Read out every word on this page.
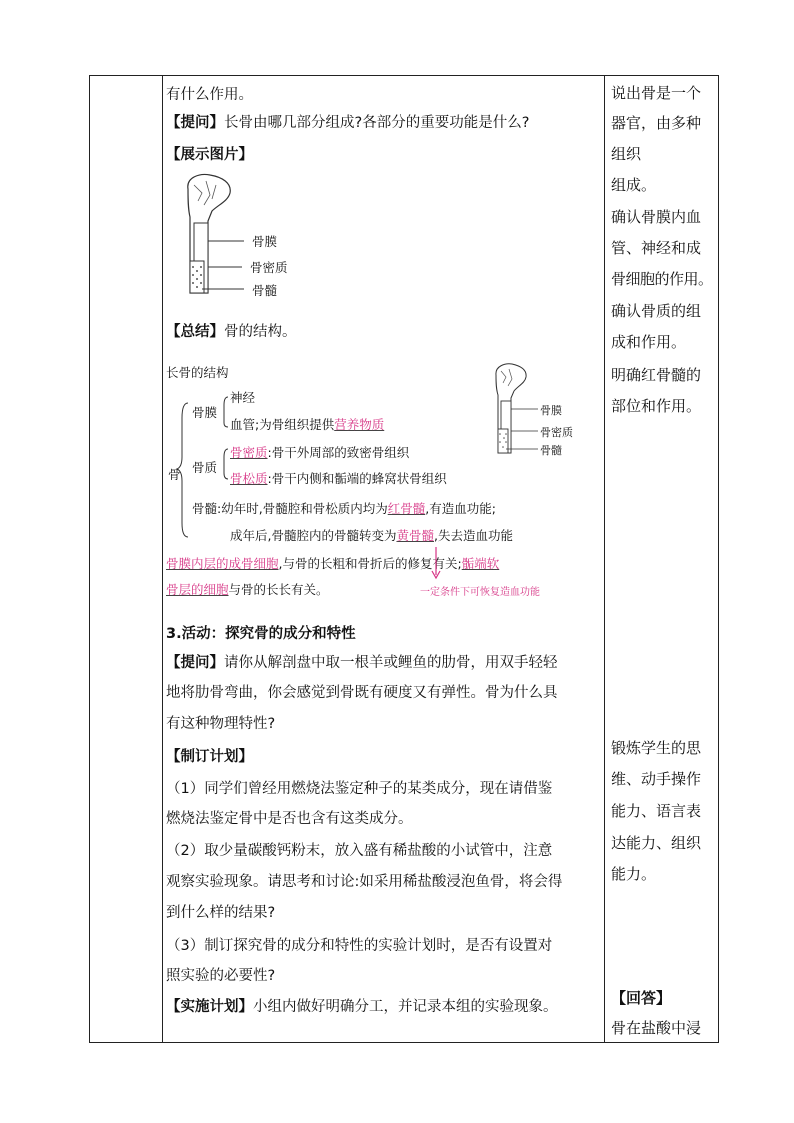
有什么作用。
【提问】长骨由哪几部分组成?各部分的重要功能是什么?
【展示图片】
骨膜
骨密质
骨髓
【总结】骨的结构。
长骨的结构
骨
骨膜
神经
血管;为骨组织提供营养物质
骨质
骨密质:骨干外周部的致密骨组织
骨松质:骨干内侧和骺端的蜂窝状骨组织
骨髓:幼年时,骨髓腔和骨松质内均为红骨髓,有造血功能;
成年后,骨髓腔内的骨髓转变为黄骨髓,失去造血功能
骨膜内层的成骨细胞,与骨的长粗和骨折后的修复有关;骺端软
骨层的细胞与骨的长长有关。	一定条件下可恢复造血功能
骨膜
骨密质
骨髓
3.活动：探究骨的成分和特性
【提问】请你从解剖盘中取一根羊或鲤鱼的肋骨，用双手轻轻
地将肋骨弯曲，你会感觉到骨既有硬度又有弹性。骨为什么具
有这种物理特性?
【制订计划】
（1）同学们曾经用燃烧法鉴定种子的某类成分，现在请借鉴
燃烧法鉴定骨中是否也含有这类成分。
（2）取少量碳酸钙粉末，放入盛有稀盐酸的小试管中，注意
观察实验现象。请思考和讨论:如采用稀盐酸浸泡鱼骨，将会得
到什么样的结果?
（3）制订探究骨的成分和特性的实验计划时，是否有设置对
照实验的必要性?
【实施计划】小组内做好明确分工，并记录本组的实验现象。
说出骨是一个
器官，由多种
组织
组成。
确认骨膜内血
管、神经和成
骨细胞的作用。
确认骨质的组
成和作用。
明确红骨髓的
部位和作用。
锻炼学生的思
维、动手操作
能力、语言表
达能力、组织
能力。
【回答】
骨在盐酸中浸
